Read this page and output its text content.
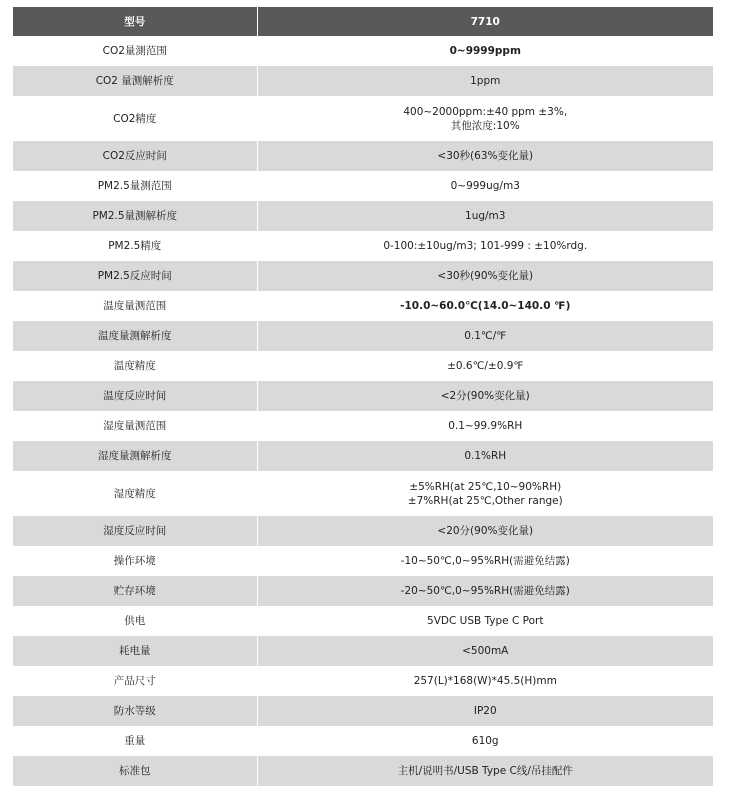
型号	7710
CO2量測范围	0~9999ppm

CO2 量测解析度	1ppm

CO2精度	400~2000ppm:±40 ppm ±3%,
其他浓度:10%

CO2反应时间	<30秒(63%变化量)

PM2.5量测范围	0~999ug/m3

PM2.5量测解析度	1ug/m3

PM2.5精度	0-100:±10ug/m3; 101-999 : ±10%rdg.

PM2.5反应时间	<30秒(90%变化量)

温度量测范围	-10.0~60.0℃(14.0~140.0 ℉)

温度量测解析度	0.1℃/℉

温度精度	±0.6℃/±0.9℉

温度反应时间	<2分(90%变化量)

湿度量测范围	0.1~99.9%RH

湿度量测解析度	0.1%RH

湿度精度	±5%RH(at 25℃,10~90%RH)
±7%RH(at 25℃,Other range)

湿度反应时间	<20分(90%变化量)

操作环境	-10~50℃,0~95%RH(需避免结露)

贮存环境	-20~50℃,0~95%RH(需避免结露)

供电	5VDC USB Type C Port

耗电量	<500mA

产品尺寸	257(L)*168(W)*45.5(H)mm

防水等级	IP20

重量	610g

标准包	主机/说明书/USB Type C线/吊挂配件
